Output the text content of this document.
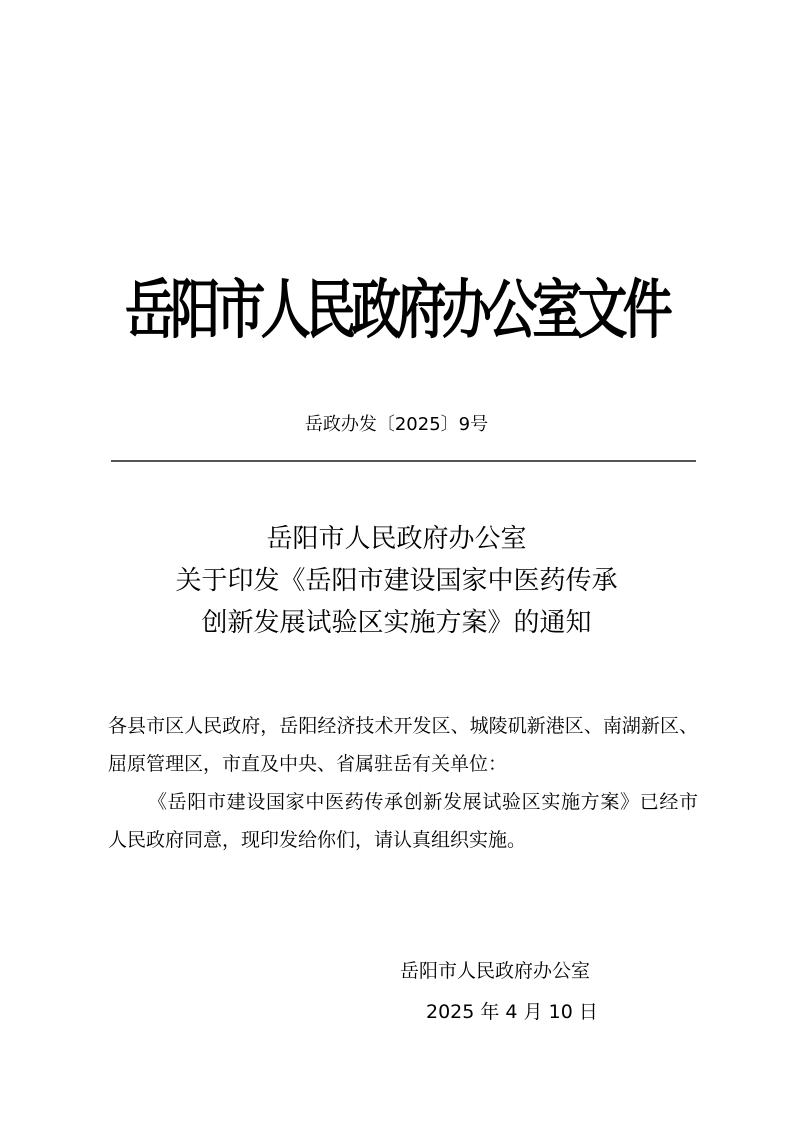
岳阳市人民政府办公室文件
岳政办发〔2025〕9号
岳阳市人民政府办公室
关于印发《岳阳市建设国家中医药传承
创新发展试验区实施方案》的通知

各县市区人民政府，岳阳经济技术开发区、城陵矶新港区、南湖新区、屈原管理区，市直及中央、省属驻岳有关单位：

《岳阳市建设国家中医药传承创新发展试验区实施方案》已经市人民政府同意，现印发给你们，请认真组织实施。

岳阳市人民政府办公室
2025 年 4 月 10 日
